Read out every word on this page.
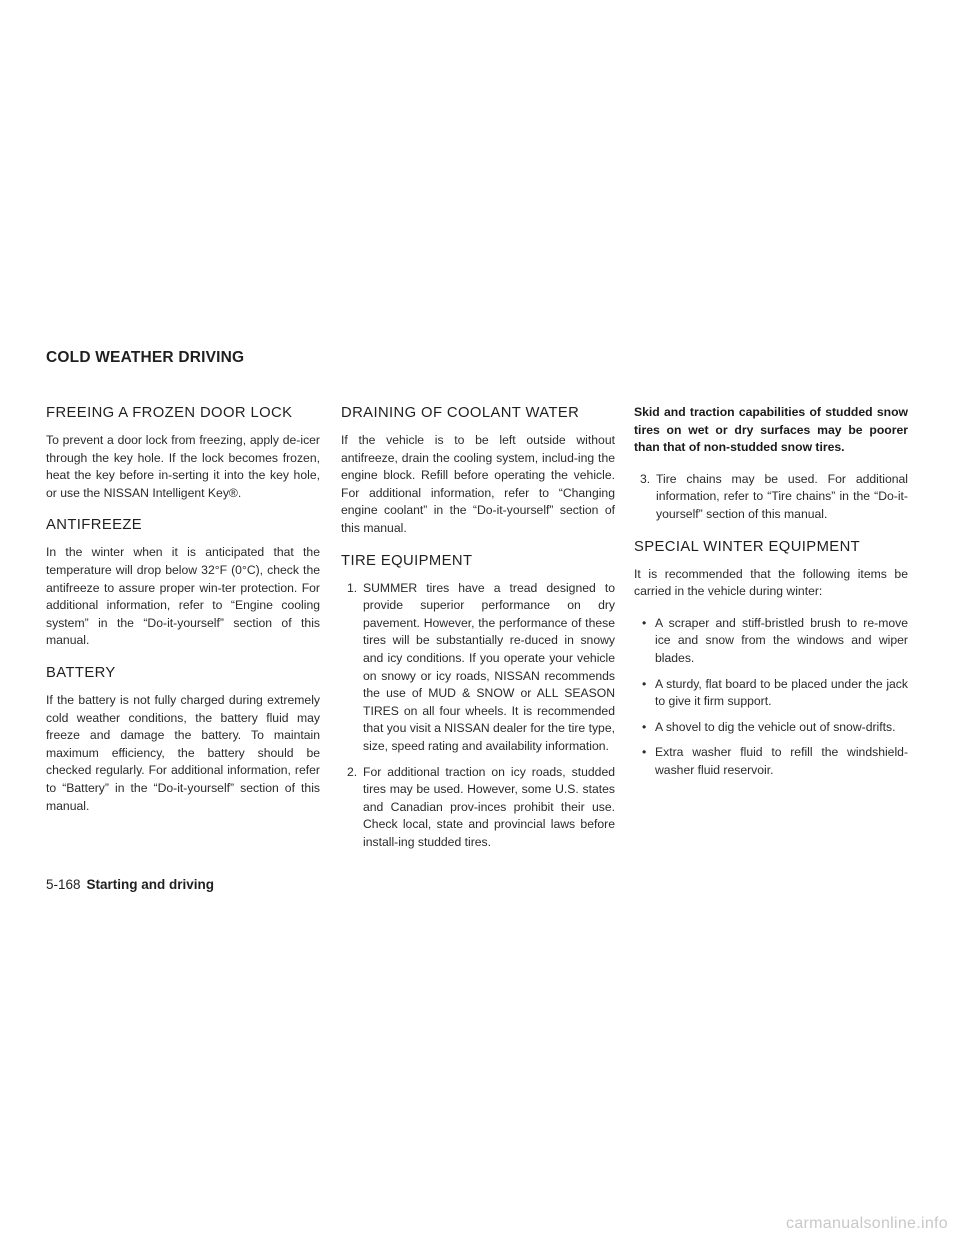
COLD WEATHER DRIVING
FREEING A FROZEN DOOR LOCK

To prevent a door lock from freezing, apply de-icer through the key hole. If the lock becomes frozen, heat the key before in-serting it into the key hole, or use the NISSAN Intelligent Key®.

ANTIFREEZE

In the winter when it is anticipated that the temperature will drop below 32°F (0°C), check the antifreeze to assure proper win-ter protection. For additional information, refer to “Engine cooling system” in the “Do-it-yourself” section of this manual.

BATTERY

If the battery is not fully charged during extremely cold weather conditions, the battery fluid may freeze and damage the battery. To maintain maximum efficiency, the battery should be checked regularly. For additional information, refer to “Battery” in the “Do-it-yourself” section of this manual.

DRAINING OF COOLANT WATER

If the vehicle is to be left outside without antifreeze, drain the cooling system, includ-ing the engine block. Refill before operating the vehicle. For additional information, refer to “Changing engine coolant” in the “Do-it-yourself” section of this manual.

TIRE EQUIPMENT
1. SUMMER tires have a tread designed to provide superior performance on dry pavement. However, the performance of these tires will be substantially re-duced in snowy and icy conditions. If you operate your vehicle on snowy or icy roads, NISSAN recommends the use of MUD & SNOW or ALL SEASON TIRES on all four wheels. It is recommended that you visit a NISSAN dealer for the tire type, size, speed rating and availability information.
2. For additional traction on icy roads, studded tires may be used. However, some U.S. states and Canadian prov-inces prohibit their use. Check local, state and provincial laws before install-ing studded tires.

Skid and traction capabilities of studded snow tires on wet or dry surfaces may be poorer than that of non-studded snow tires.

3. Tire chains may be used. For additional information, refer to “Tire chains” in the “Do-it-yourself” section of this manual.
SPECIAL WINTER EQUIPMENT

It is recommended that the following items be carried in the vehicle during winter:

• A scraper and stiff-bristled brush to re-move ice and snow from the windows and wiper blades.
• A sturdy, flat board to be placed under the jack to give it firm support.
• A shovel to dig the vehicle out of snow-drifts.
• Extra washer fluid to refill the windshield-washer fluid reservoir.
5-168 Starting and driving
carmanualsonline.info
